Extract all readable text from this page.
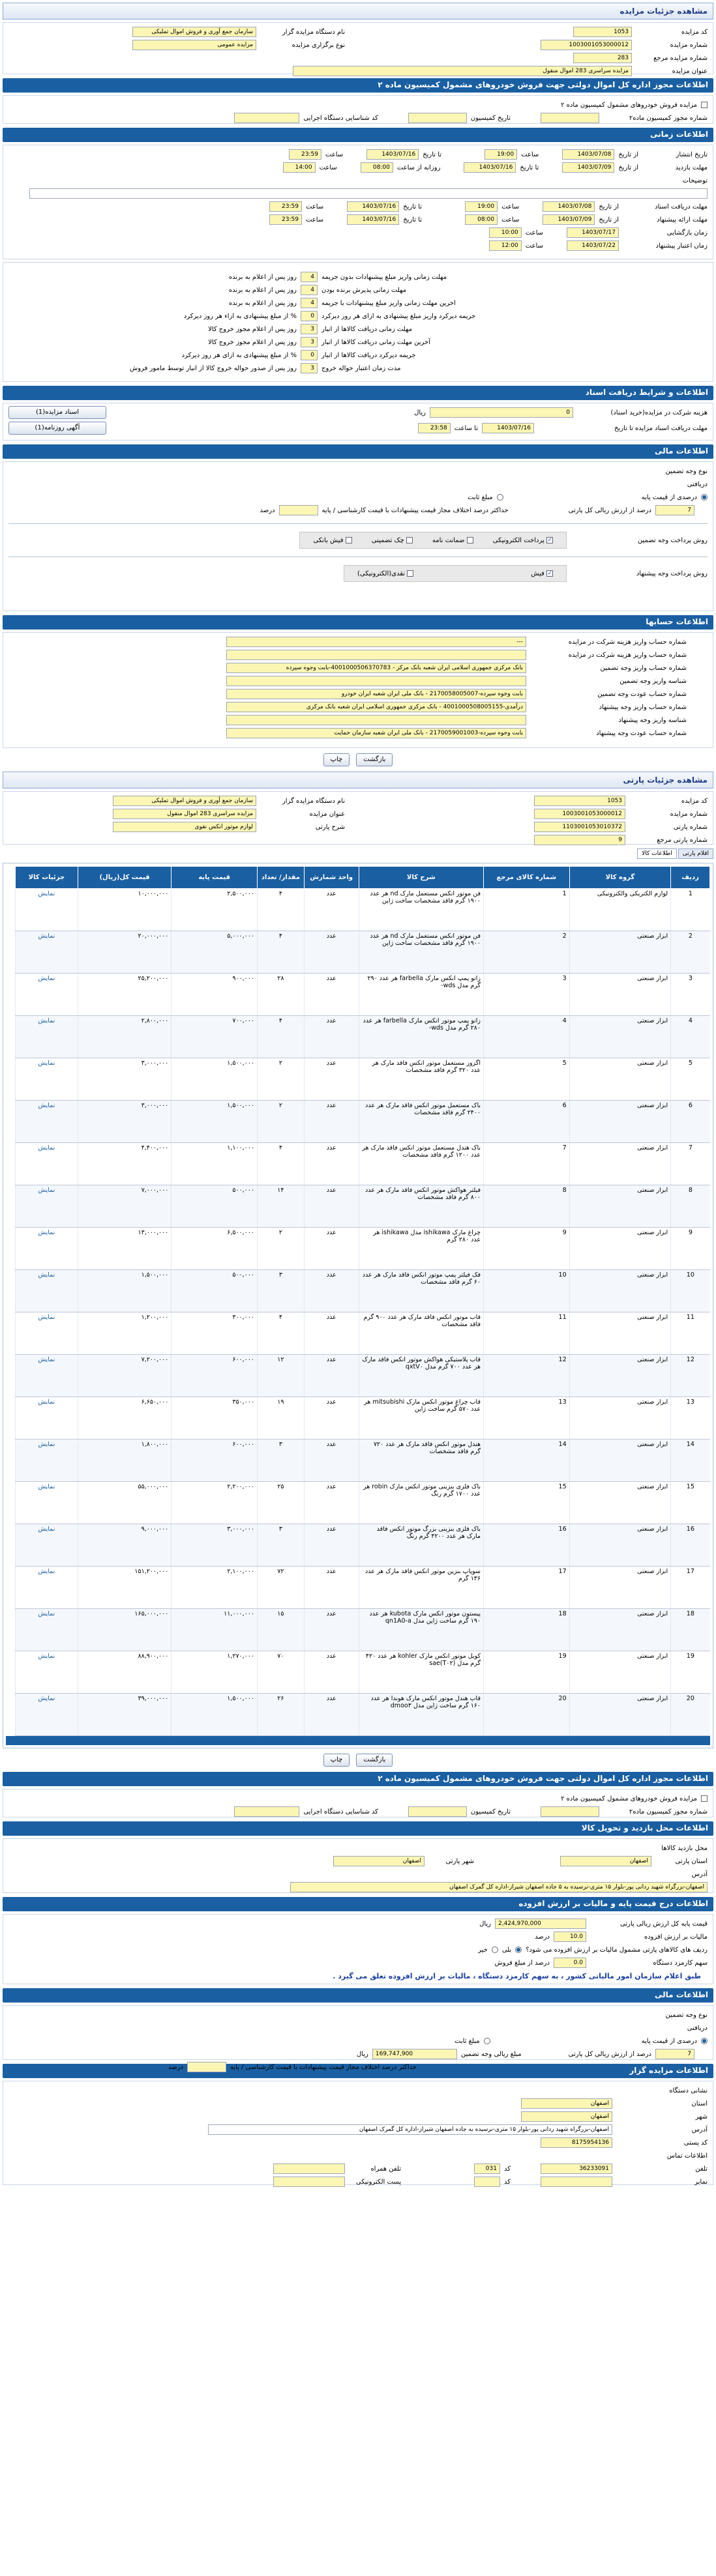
مشاهده جزئیات مزایده
کد مزایده
1053
شماره مزایده
1003001053000012
شماره مزایده مرجع
283
نام دستگاه مزایده گزار
سازمان جمع آوری و فروش اموال تملیکی
نوع برگزاری مزایده
مزایده عمومی
عنوان مزایده
مزایده سراسری 283 اموال منقول
اطلاعات مجوز اداره کل اموال دولتی جهت فروش خودروهای مشمول کمیسیون ماده ۲
مزایده فروش خودروهای مشمول کمیسیون ماده ۲
شماره مجوز کمیسیون ماده۲
تاریخ کمیسیون
کد شناسایی دستگاه اجرایی
اطلاعات زمانی
تاریخ انتشار
از تاریخ
1403/07/08
ساعت
19:00
تا تاریخ
1403/07/16
ساعت
23:59
مهلت بازدید
از تاریخ
1403/07/09
تا تاریخ
1403/07/16
روزانه از ساعت
08:00
ساعت
14:00
توضیحات
مهلت دریافت اسناد
از تاریخ
1403/07/08
ساعت
19:00
تا تاریخ
1403/07/16
ساعت
23:59
مهلت ارائه پیشنهاد
از تاریخ
1403/07/09
ساعت
08:00
تا تاریخ
1403/07/16
ساعت
23:59
زمان بازگشایی
1403/07/17
ساعت
10:00
زمان اعتبار پیشنهاد
1403/07/22
ساعت
12:00
مهلت زمانی واریز مبلغ پیشنهادات بدون جریمه
4
روز پس از اعلام به برنده
مهلت زمانی پذیرش برنده بودن
4
روز پس از اعلام به برنده
اخرین مهلت زمانی واریز مبلغ پیشنهادات با جریمه
4
روز پس از اعلام به برنده
جریمه دیرکرد واریز مبلغ پیشنهادی به ازای هر روز دیرکرد
0
% از مبلغ پیشنهادی به ازاء هر روز دیرکرد
مهلت زمانی دریافت کالاها از انبار
3
روز پس از اعلام مجوز خروج کالا
آخرین مهلت زمانی دریافت کالاها از انبار
3
روز پس از اعلام مجوز خروج کالا
جریمه دیرکرد دریافت کالاها از انبار
0
% از مبلغ پیشنهادی به ازای هر روز دیرکرد
مدت زمان اعتبار حواله خروج
3
روز پس از صدور حواله خروج کالا از انبار توسط مامور فروش
اطلاعات و شرایط دریافت اسناد
هزینه شرکت در مزایده(خرید اسناد)
0
ریال
اسناد مزایده(1)
مهلت دریافت اسناد مزایده تا تاریخ
1403/07/16
تا ساعت
23:58
آگهی روزنامه(1)
اطلاعات مالی
نوع وجه تضمین
دریافتی
درصدی از قیمت پایه
مبلغ ثابت
7
درصد از ارزش ریالی کل پارتی
حداکثر درصد اختلاف مجاز قیمت پیشنهادات با قیمت کارشناسی / پایه
درصد
روش پرداخت وجه تضمین
✓ پرداخت الکترونیکی
ضمانت نامه
چک تضمینی
فیش بانکی
روش پرداخت وجه پیشنهاد
✓ فیش
نقدی(الکترونیکی)
اطلاعات حسابها
شماره حساب واریز هزینه شرکت در مزایده
---
شماره حساب واریز هزینه شرکت در مزایده
شماره حساب واریز وجه تضمین
بانک مرکزی جمهوری اسلامی ایران شعبه بانک مرکز - 4001000506370783-بابت وجوه سپرده
شناسه واریز وجه تضمین
شماره حساب عودت وجه تضمین
بابت وجوه سپرده-2170058005007 - بانک ملی ایران شعبه ایران خودرو
شماره حساب واریز وجه پیشنهاد
درآمدی-4001000508005155 - بانک مرکزی جمهوری اسلامی ایران شعبه بانک مرکزی
شناسه واریز وجه پیشنهاد
شماره حساب عودت وجه پیشنهاد
بابت وجوه سپرده-2170059001003 - بانک ملی ایران شعبه سازمان حمایت
بازگشت
چاپ
مشاهده جزئیات پارتی
کد مزایده
1053
شماره مزایده
1003001053000012
شماره پارتی
1103001053010372
شماره پارتی مرجع
9
نام دستگاه مزایده گزار
سازمان جمع آوری و فروش اموال تملیکی
عنوان مزایده
مزایده سراسری 283 اموال منقول
شرح پارتی
لوازم موتور انکس نقوی
اقلام پارتی
اطلاعات کالا
ردیف	گروه کالا	شماره کالای مرجع	شرح کالا	واحد شمارش	مقدار/ تعداد	قیمت پایه	قیمت کل(ریال)	جزئیات کالا
1	لوازم الکتریکی والکترونیکی	1	فن موتور انکس مستعمل مارک nd هر عدد ۱۹۰۰ گرم فاقد مشخصات ساخت ژاپن	عدد	۴	۲,۵۰۰,۰۰۰	۱۰,۰۰۰,۰۰۰	نمایش
2	ابزار صنعتی	2	فن موتور انکس مستعمل مارک nd هر عدد ۱۹۰۰ گرم فاقد مشخصات ساخت ژاپن	عدد	۴	۵,۰۰۰,۰۰۰	۲۰,۰۰۰,۰۰۰	نمایش
3	ابزار صنعتی	3	زانو پمپ انکس مارک farbella هر عدد ۲۹۰ گرم مدل wds-	عدد	۲۸	۹۰۰,۰۰۰	۲۵,۲۰۰,۰۰۰	نمایش
4	ابزار صنعتی	4	زانو پمپ موتور انکس مارک farbella هر عدد ۲۸۰ گرم مدل wds-	عدد	۴	۷۰۰,۰۰۰	۲,۸۰۰,۰۰۰	نمایش
5	ابزار صنعتی	5	اگزوز مستعمل موتور انکس فاقد مارک هر عدد ۳۲۰ گرم فاقد مشخصات	عدد	۲	۱,۵۰۰,۰۰۰	۳,۰۰۰,۰۰۰	نمایش
6	ابزار صنعتی	6	باک مستعمل موتور انکس فاقد مارک هر عدد ۲۴۰۰ گرم فاقد مشخصات	عدد	۲	۱,۵۰۰,۰۰۰	۳,۰۰۰,۰۰۰	نمایش
7	ابزار صنعتی	7	باک هندل مستعمل موتور انکس فاقد مارک هر عدد ۱۲۰۰ گرم فاقد مشخصات	عدد	۴	۱,۱۰۰,۰۰۰	۴,۴۰۰,۰۰۰	نمایش
8	ابزار صنعتی	8	فیلتر هواکش موتور انکس فاقد مارک هر عدد ۸۰۰ گرم فاقد مشخصات	عدد	۱۴	۵۰۰,۰۰۰	۷,۰۰۰,۰۰۰	نمایش
9	ابزار صنعتی	9	چراغ مارک ishikawa مدل ishikawa هر عدد ۲۸۰ گرم	عدد	۲	۶,۵۰۰,۰۰۰	۱۳,۰۰۰,۰۰۰	نمایش
10	ابزار صنعتی	10	فک فیلتر پمپ موتور انکس فاقد مارک هر عدد ۶۰ گرم فاقد مشخصات	عدد	۳	۵۰۰,۰۰۰	۱,۵۰۰,۰۰۰	نمایش
11	ابزار صنعتی	11	قاب موتور انکس فاقد مارک هر عدد ۹۰۰ گرم فاقد مشخصات	عدد	۴	۳۰۰,۰۰۰	۱,۲۰۰,۰۰۰	نمایش
12	ابزار صنعتی	12	قاب پلاستیکی هواکش موتور انکس فاقد مارک هر عدد ۷۰۰ گرم مدل qxtV۰	عدد	۱۲	۶۰۰,۰۰۰	۷,۲۰۰,۰۰۰	نمایش
13	ابزار صنعتی	13	قاب چراغ موتور انکس مارک mitsubishi هر عدد ۵۷۰ گرم ساخت ژاپن	عدد	۱۹	۳۵۰,۰۰۰	۶,۶۵۰,۰۰۰	نمایش
14	ابزار صنعتی	14	هندل موتور انکس فاقد مارک هر عدد ۷۲۰ گرم فاقد مشخصات	عدد	۳	۶۰۰,۰۰۰	۱,۸۰۰,۰۰۰	نمایش
15	ابزار صنعتی	15	باک فلزی بنزینی موتور انکس مارک robin هر عدد ۱۷۰۰ گرم رنگ	عدد	۲۵	۲,۲۰۰,۰۰۰	۵۵,۰۰۰,۰۰۰	نمایش
16	ابزار صنعتی	16	باک فلزی بنزینی بزرگ موتور انکس فاقد مارک هر عدد ۴۲۰۰ گرم رنگ	عدد	۳	۳,۰۰۰,۰۰۰	۹,۰۰۰,۰۰۰	نمایش
17	ابزار صنعتی	17	سوپاپ بنزین موتور انکس فاقد مارک هر عدد ۱۳۶ گرم	عدد	۷۲	۲,۱۰۰,۰۰۰	۱۵۱,۲۰۰,۰۰۰	نمایش
18	ابزار صنعتی	18	پیستون موتور انکس مارک kubota هر عدد ۱۹۰ گرم ساخت ژاپن مدل qn1A0-a	عدد	۱۵	۱۱,۰۰۰,۰۰۰	۱۶۵,۰۰۰,۰۰۰	نمایش
19	ابزار صنعتی	19	کویل موتور انکس مارک kohler هر عدد ۴۲۰ گرم مدل sae(T۰۲)	عدد	۷۰	۱,۲۷۰,۰۰۰	۸۸,۹۰۰,۰۰۰	نمایش
20	ابزار صنعتی	20	قاب هندل موتور انکس مارک هوندا هر عدد ۱۶۰ گرم ساخت ژاپن مدل dmoo۳	عدد	۲۶	۱,۵۰۰,۰۰۰	۳۹,۰۰۰,۰۰۰	نمایش
بازگشت
چاپ
اطلاعات مجوز اداره کل اموال دولتی جهت فروش خودروهای مشمول کمیسیون ماده ۲
مزایده فروش خودروهای مشمول کمیسیون ماده ۲
شماره مجوز کمیسیون ماده۲
تاریخ کمیسیون
کد شناسایی دستگاه اجرایی
اطلاعات محل بازدید و تحویل کالا
محل بازدید کالاها
استان پارتی
اصفهان
شهر پارتی
اصفهان
آدرس
اصفهان-بزرگراه شهید ردانی پور-بلوار ۱۵ متری-نرسیده به ۵ جاده اصفهان شیراز-اداره کل گمرک اصفهان
اطلاعات درج قیمت پایه و مالیات بر ارزش افزوده
قیمت پایه کل ارزش ریالی پارتی
2,424,970,000
ریال
مالیات بر ارزش افزوده
10.0
درصد
ردیف های کالاهای پارتی مشمول مالیات بر ارزش افزوده می شود؟
بلی
خیر
سهم کارمزد دستگاه
0.0
درصد از مبلغ فروش
طبق اعلام سازمان امور مالیاتی کشور ، به سهم کارمزد دستگاه ، مالیات بر ارزش افزوده تعلق می گیرد .
اطلاعات مالی
نوع وجه تضمین
دریافتی
درصدی از قیمت پایه
مبلغ ثابت
7
درصد از ارزش ریالی کل پارتی
مبلغ ریالی وجه تضمین
169,747,900
ریال
حداکثر درصد اختلاف مجاز قیمت پیشنهادات با قیمت کارشناسی / پایه
درصد	اطلاعات مزایده گزار
نشانی دستگاه
استان
اصفهان
شهر
اصفهان
آدرس
اصفهان-بزرگراه شهید ردانی پور-بلوار ۱۵ متری-نرسیده به جاده اصفهان شیراز-اداره کل گمرک اصفهان
کد پستی
8175954136
اطلاعات تماس
تلفن
36233091
کد
031
تلفن همراه
نمابر
کد
پست الکترونیکی
